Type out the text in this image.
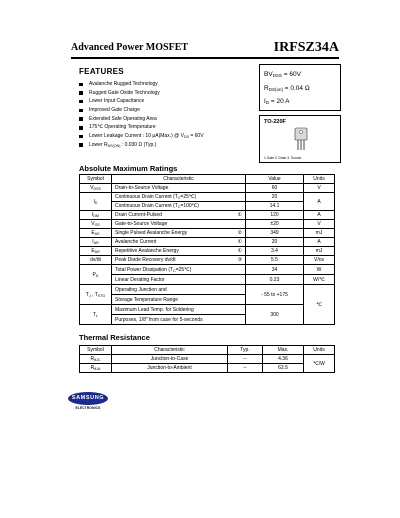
Advanced Power MOSFET	IRFSZ34A
FEATURES
Avalanche Rugged Technology
Rugged Gate Oxide Technology
Lower Input Capacitance
Improved Gate Charge
Extended Safe Operating Area
175℃ Operating Temperature
Lower Leakage Current : 10 μA(Max.) @ $V_{DS} = 60V$
Lower $R_{DS(ON)}$ : 0.030 Ω (Typ.)
$BV_{DSS} = 60V$
$R_{DS(on)} = 0.04$ Ω
$I_D = 20$ A
TO-220F
1.Gate 2. Drain 3. Source
Absolute Maximum Ratings
Symbol	Characteristic	Value	Units
$V_{DSS}$	Drain-to-Source Voltage	60	V
$I_D$	Continuous Drain Current $(T_C=25℃)$	20	A
	Continuous Drain Current $(T_C=100℃)$	14.1	
$I_{DM}$	Drain Current-Pulsed ①	120	A
$V_{GS}$	Gate-to-Source Voltage	±20	V
$E_{AS}$	Single Pulsed Avalanche Energy ②	349	mJ
$I_{AR}$	Avalanche Current ①	20	A
$E_{AR}$	Repetitive Avalanche Energy ①	3.4	mJ
dv/dt	Peak Diode Recovery dv/dt ③	5.5	V/ns
$P_D$	Total Power Dissipation $(T_C=25℃)$	34	W
	Linear Derating Factor	0.23	W/℃
$T_J$ , $T_{STG}$	Operating Junction and	- 55 to +175	℃
	Storage Temperature Range		
$T_L$	Maximum Lead Temp. for Soldering	300	
	Purposes, 1/8" from case for 5-seconds		
Thermal Resistance
Symbol	Characteristic	Typ.	Max.	Units
$R_{\theta JC}$	Junction-to-Case	--	4.36	℃/W
$R_{\theta JA}$	Junction-to-Ambient	--	62.5	
SAMSUNG
ELECTRONICS
